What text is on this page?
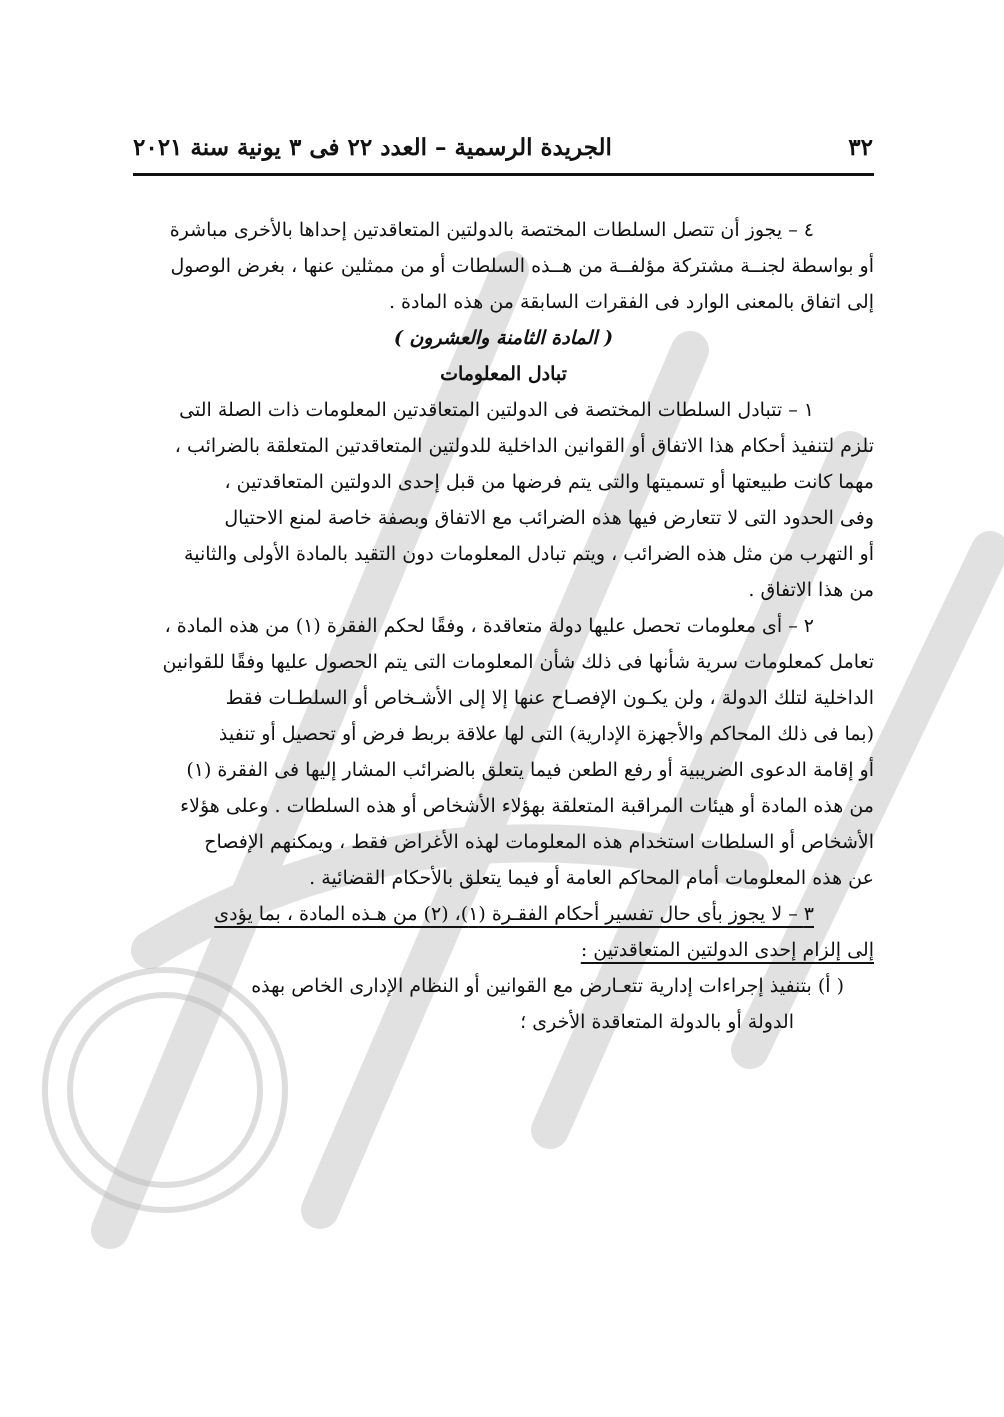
٣٢
الجريدة الرسمية – العدد ٢٢ فى ٣ يونية سنة ٢٠٢١

٤ – يجوز أن تتصل السلطات المختصة بالدولتين المتعاقدتين إحداها بالأخرى مباشرة

أو بواسطة لجنــة مشتركة مؤلفــة من هــذه السلطات أو من ممثلين عنها ، بغرض الوصول

إلى اتفاق بالمعنى الوارد فى الفقرات السابقة من هذه المادة .

( المادة الثامنة والعشرون )

تبادل المعلومات

١ – تتبادل السلطات المختصة فى الدولتين المتعاقدتين المعلومات ذات الصلة التى

تلزم لتنفيذ أحكام هذا الاتفاق أو القوانين الداخلية للدولتين المتعاقدتين المتعلقة بالضرائب ،

مهما كانت طبيعتها أو تسميتها والتى يتم فرضها من قبل إحدى الدولتين المتعاقدتين ،

وفى الحدود التى لا تتعارض فيها هذه الضرائب مع الاتفاق وبصفة خاصة لمنع الاحتيال

أو التهرب من مثل هذه الضرائب ، ويتم تبادل المعلومات دون التقيد بالمادة الأولى والثانية

من هذا الاتفاق .

٢ – أى معلومات تحصل عليها دولة متعاقدة ، وفقًا لحكم الفقرة (١) من هذه المادة ،

تعامل كمعلومات سرية شأنها فى ذلك شأن المعلومات التى يتم الحصول عليها وفقًا للقوانين

الداخلية لتلك الدولة ، ولن يكـون الإفصـاح عنها إلا إلى الأشـخاص أو السلطـات فقط

(بما فى ذلك المحاكم والأجهزة الإدارية) التى لها علاقة بربط فرض أو تحصيل أو تنفيذ

أو إقامة الدعوى الضريبية أو رفع الطعن فيما يتعلق بالضرائب المشار إليها فى الفقرة (١)

من هذه المادة أو هيئات المراقبة المتعلقة بهؤلاء الأشخاص أو هذه السلطات . وعلى هؤلاء

الأشخاص أو السلطات استخدام هذه المعلومات لهذه الأغراض فقط ، ويمكنهم الإفصاح

عن هذه المعلومات أمام المحاكم العامة أو فيما يتعلق بالأحكام القضائية .

٣ – لا يجوز بأى حال تفسير أحكام الفقـرة (١)، (٢) من هـذه المادة ، بما يؤدى

إلى إلزام إحدى الدولتين المتعاقدتين :

( أ) بتنفيذ إجراءات إدارية تتعـارض مع القوانين أو النظام الإدارى الخاص بهذه

الدولة أو بالدولة المتعاقدة الأخرى ؛
